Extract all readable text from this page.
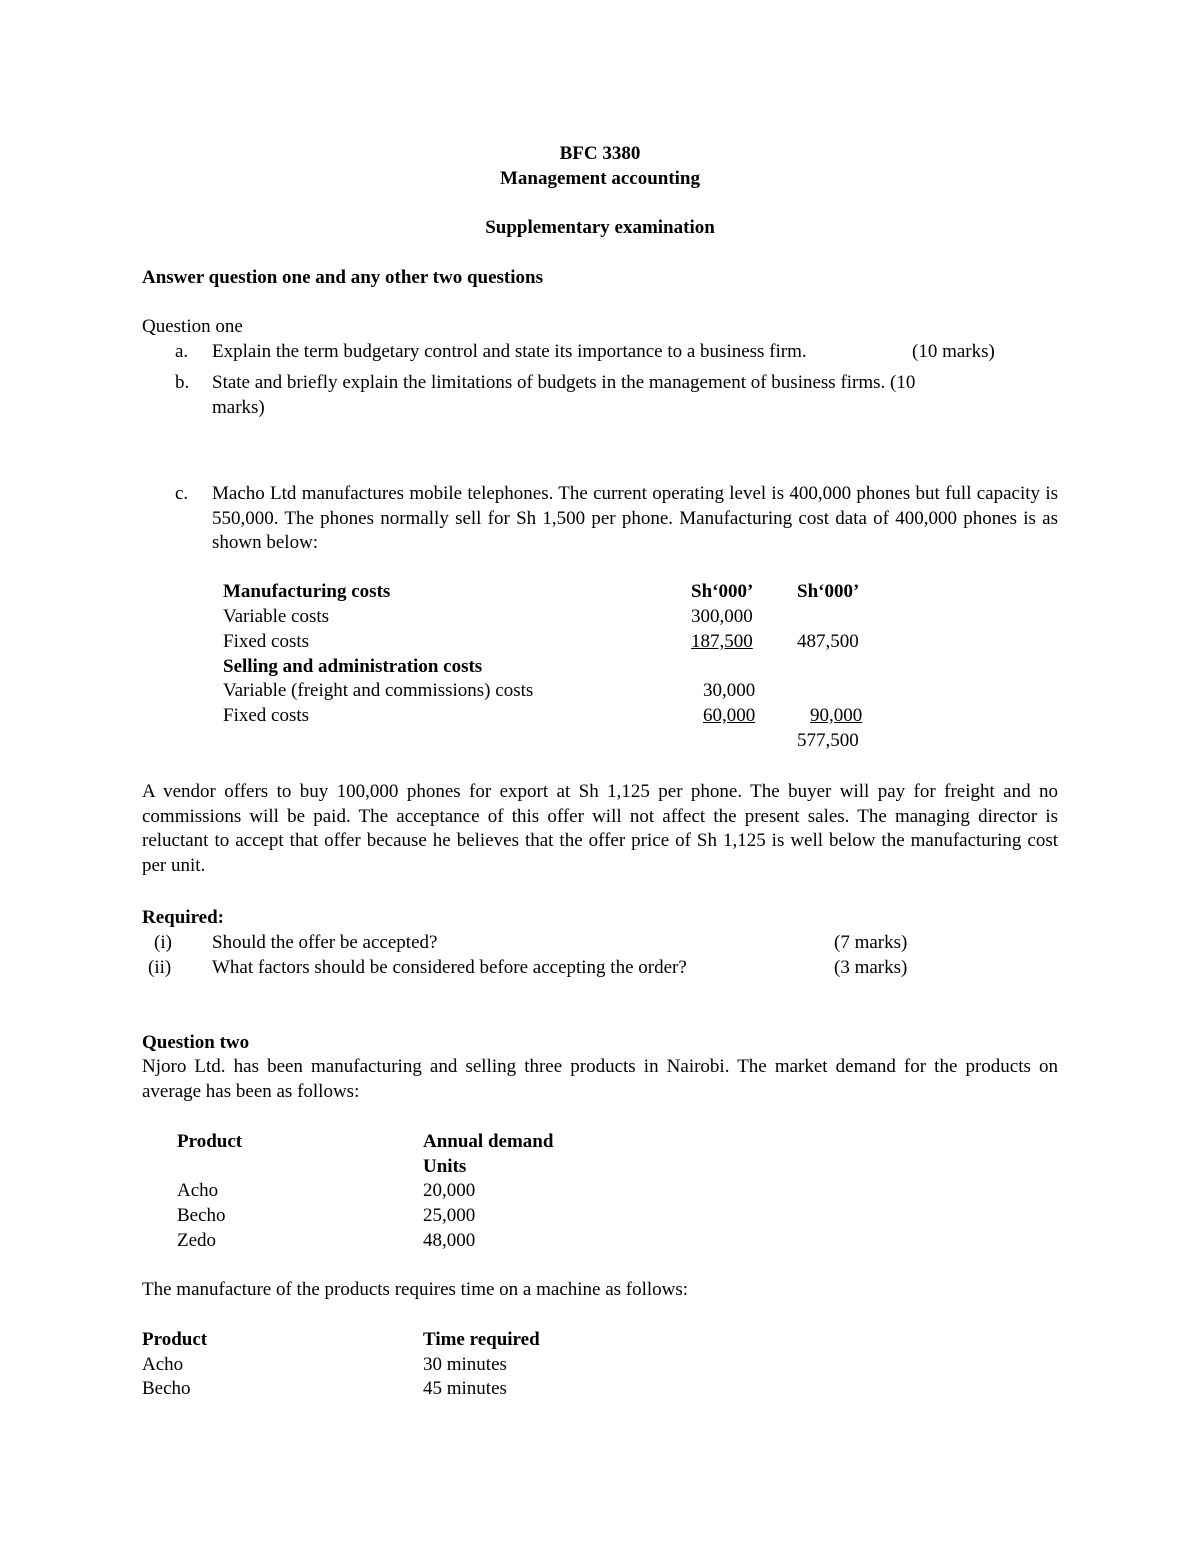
BFC 3380
Management accounting
Supplementary examination
Answer question one and any other two questions
Question one
a. Explain the term budgetary control and state its importance to a business firm.	(10 marks)
b. State and briefly explain the limitations of budgets in the management of business firms. (10
marks)
c. Macho Ltd manufactures mobile telephones. The current operating level is 400,000 phones but full capacity is 550,000. The phones normally sell for Sh 1,500 per phone. Manufacturing cost data of 400,000 phones is as shown below:
Manufacturing costs	Sh‘000’ Sh‘000’
Variable costs	300,000
Fixed costs	187,500 487,500
Selling and administration costs
Variable (freight and commissions) costs	30,000
Fixed costs	60,000	90,000
577,500
A vendor offers to buy 100,000 phones for export at Sh 1,125 per phone. The buyer will pay for freight and no commissions will be paid. The acceptance of this offer will not affect the present sales. The managing director is reluctant to accept that offer because he believes that the offer price of Sh 1,125 is well below the manufacturing cost per unit.
Required:
(i) Should the offer be accepted?	(7 marks)
(ii) What factors should be considered before accepting the order?	(3 marks)
Question two
Njoro Ltd. has been manufacturing and selling three products in Nairobi. The market demand for the products on average has been as follows:
Product	Annual demand
Units
Acho	20,000
Becho	25,000
Zedo	48,000
The manufacture of the products requires time on a machine as follows:
Product	Time required
Acho	30 minutes
Becho	45 minutes
